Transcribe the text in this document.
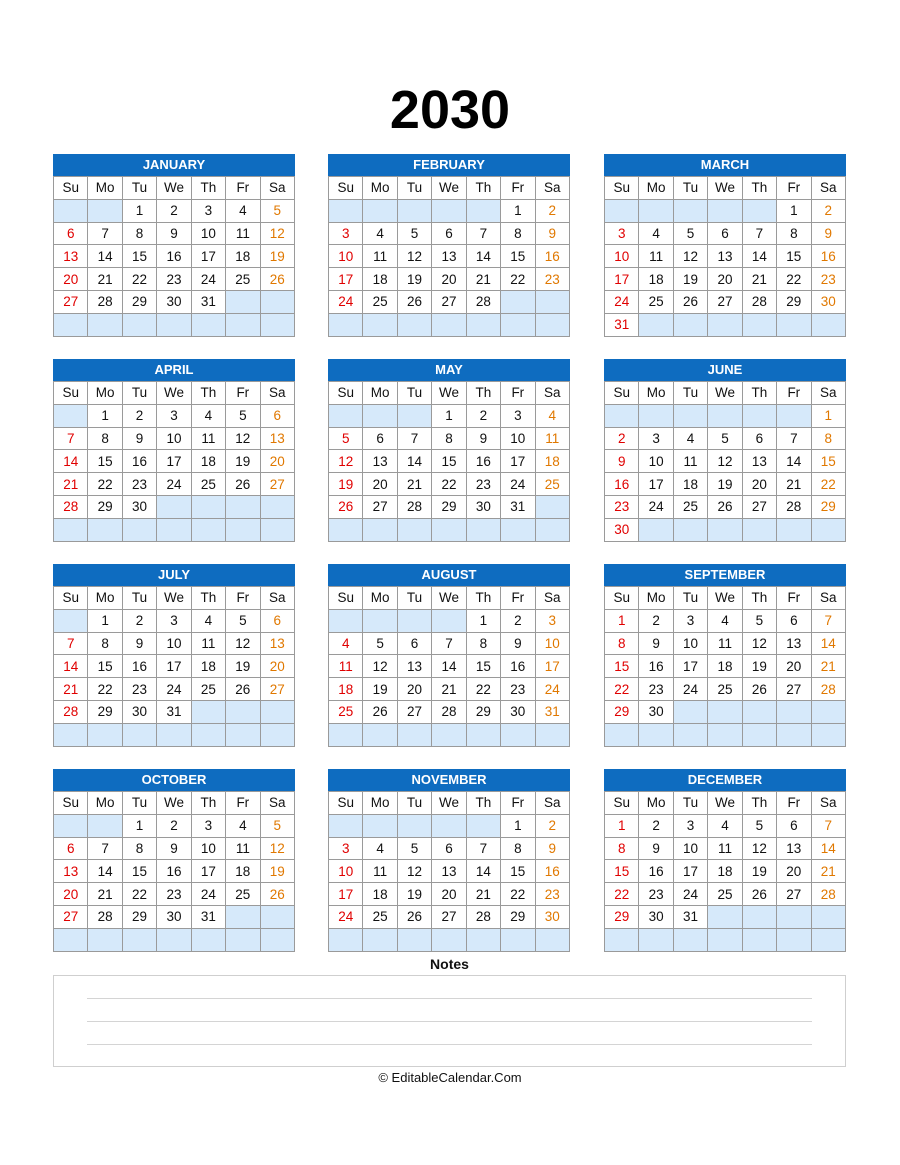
2030
JANUARY
Su	Mo	Tu	We	Th	Fr	Sa
		1	2	3	4	5
6	7	8	9	10	11	12
13	14	15	16	17	18	19
20	21	22	23	24	25	26
27	28	29	30	31		

FEBRUARY
Su	Mo	Tu	We	Th	Fr	Sa
					1	2
3	4	5	6	7	8	9
10	11	12	13	14	15	16
17	18	19	20	21	22	23
24	25	26	27	28		

MARCH
Su	Mo	Tu	We	Th	Fr	Sa
					1	2
3	4	5	6	7	8	9
10	11	12	13	14	15	16
17	18	19	20	21	22	23
24	25	26	27	28	29	30
31						
APRIL
Su	Mo	Tu	We	Th	Fr	Sa
	1	2	3	4	5	6
7	8	9	10	11	12	13
14	15	16	17	18	19	20
21	22	23	24	25	26	27
28	29	30				

MAY
Su	Mo	Tu	We	Th	Fr	Sa
			1	2	3	4
5	6	7	8	9	10	11
12	13	14	15	16	17	18
19	20	21	22	23	24	25
26	27	28	29	30	31	

JUNE
Su	Mo	Tu	We	Th	Fr	Sa
						1
2	3	4	5	6	7	8
9	10	11	12	13	14	15
16	17	18	19	20	21	22
23	24	25	26	27	28	29
30						
JULY
Su	Mo	Tu	We	Th	Fr	Sa
	1	2	3	4	5	6
7	8	9	10	11	12	13
14	15	16	17	18	19	20
21	22	23	24	25	26	27
28	29	30	31			

AUGUST
Su	Mo	Tu	We	Th	Fr	Sa
				1	2	3
4	5	6	7	8	9	10
11	12	13	14	15	16	17
18	19	20	21	22	23	24
25	26	27	28	29	30	31

SEPTEMBER
Su	Mo	Tu	We	Th	Fr	Sa
1	2	3	4	5	6	7
8	9	10	11	12	13	14
15	16	17	18	19	20	21
22	23	24	25	26	27	28
29	30					

OCTOBER
Su	Mo	Tu	We	Th	Fr	Sa
		1	2	3	4	5
6	7	8	9	10	11	12
13	14	15	16	17	18	19
20	21	22	23	24	25	26
27	28	29	30	31		

NOVEMBER
Su	Mo	Tu	We	Th	Fr	Sa
					1	2
3	4	5	6	7	8	9
10	11	12	13	14	15	16
17	18	19	20	21	22	23
24	25	26	27	28	29	30

DECEMBER
Su	Mo	Tu	We	Th	Fr	Sa
1	2	3	4	5	6	7
8	9	10	11	12	13	14
15	16	17	18	19	20	21
22	23	24	25	26	27	28
29	30	31				

Notes
© EditableCalendar.Com
